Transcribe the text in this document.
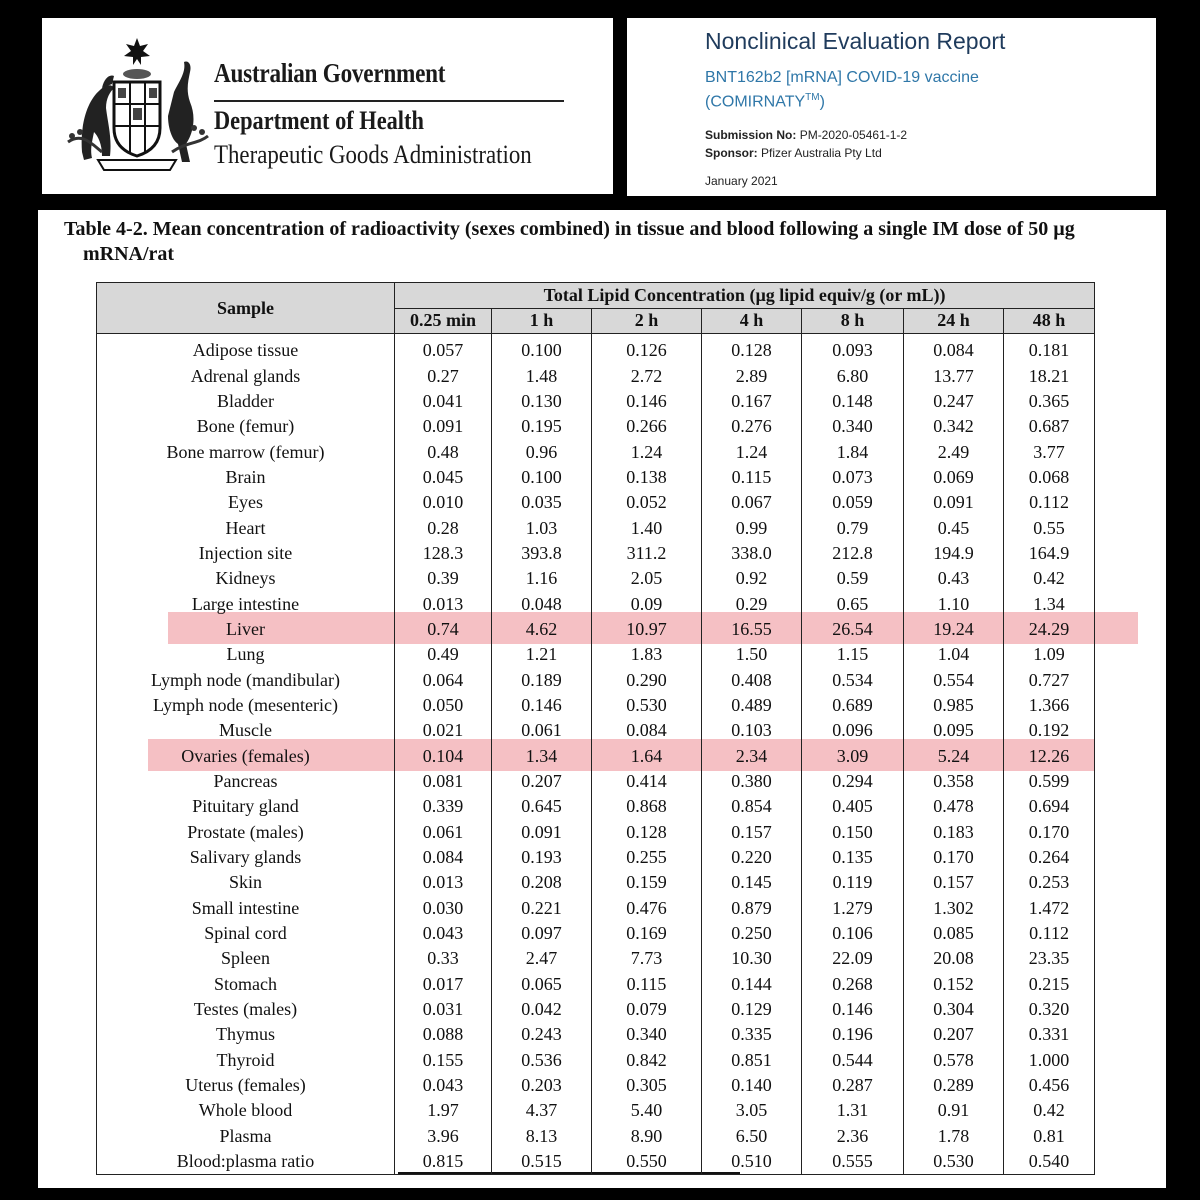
Australian Government
Department of Health
Therapeutic Goods Administration
Nonclinical Evaluation Report
BNT162b2 [mRNA] COVID-19 vaccine
(COMIRNATY™)
Submission No: PM-2020-05461-1-2
Sponsor: Pfizer Australia Pty Ltd
January 2021
Table 4-2. Mean concentration of radioactivity (sexes combined) in tissue and blood following a single IM dose of 50 µg mRNA/rat
Sample	Total Lipid Concentration (µg lipid equiv/g (or mL))						
	0.25 min	1 h	2 h	4 h	8 h	24 h	48 h
Adipose tissue	0.057	0.100	0.126	0.128	0.093	0.084	0.181
Adrenal glands	0.27	1.48	2.72	2.89	6.80	13.77	18.21
Bladder	0.041	0.130	0.146	0.167	0.148	0.247	0.365
Bone (femur)	0.091	0.195	0.266	0.276	0.340	0.342	0.687
Bone marrow (femur)	0.48	0.96	1.24	1.24	1.84	2.49	3.77
Brain	0.045	0.100	0.138	0.115	0.073	0.069	0.068
Eyes	0.010	0.035	0.052	0.067	0.059	0.091	0.112
Heart	0.28	1.03	1.40	0.99	0.79	0.45	0.55
Injection site	128.3	393.8	311.2	338.0	212.8	194.9	164.9
Kidneys	0.39	1.16	2.05	0.92	0.59	0.43	0.42
Large intestine	0.013	0.048	0.09	0.29	0.65	1.10	1.34
Liver	0.74	4.62	10.97	16.55	26.54	19.24	24.29
Lung	0.49	1.21	1.83	1.50	1.15	1.04	1.09
Lymph node (mandibular)	0.064	0.189	0.290	0.408	0.534	0.554	0.727
Lymph node (mesenteric)	0.050	0.146	0.530	0.489	0.689	0.985	1.366
Muscle	0.021	0.061	0.084	0.103	0.096	0.095	0.192
Ovaries (females)	0.104	1.34	1.64	2.34	3.09	5.24	12.26
Pancreas	0.081	0.207	0.414	0.380	0.294	0.358	0.599
Pituitary gland	0.339	0.645	0.868	0.854	0.405	0.478	0.694
Prostate (males)	0.061	0.091	0.128	0.157	0.150	0.183	0.170
Salivary glands	0.084	0.193	0.255	0.220	0.135	0.170	0.264
Skin	0.013	0.208	0.159	0.145	0.119	0.157	0.253
Small intestine	0.030	0.221	0.476	0.879	1.279	1.302	1.472
Spinal cord	0.043	0.097	0.169	0.250	0.106	0.085	0.112
Spleen	0.33	2.47	7.73	10.30	22.09	20.08	23.35
Stomach	0.017	0.065	0.115	0.144	0.268	0.152	0.215
Testes (males)	0.031	0.042	0.079	0.129	0.146	0.304	0.320
Thymus	0.088	0.243	0.340	0.335	0.196	0.207	0.331
Thyroid	0.155	0.536	0.842	0.851	0.544	0.578	1.000
Uterus (females)	0.043	0.203	0.305	0.140	0.287	0.289	0.456
Whole blood	1.97	4.37	5.40	3.05	1.31	0.91	0.42
Plasma	3.96	8.13	8.90	6.50	2.36	1.78	0.81
Blood:plasma ratio	0.815	0.515	0.550	0.510	0.555	0.530	0.540
